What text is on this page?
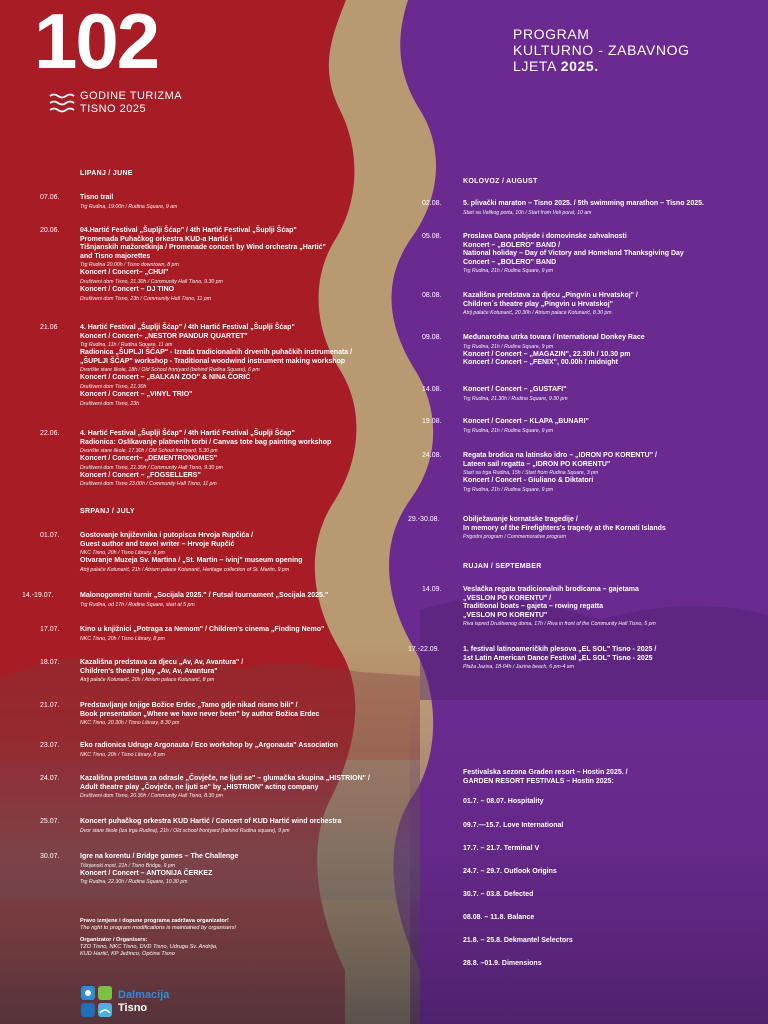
102
GODINE TURIZMA
TISNO 2025
PROGRAM
KULTURNO - ZABAVNOG
LJETA 2025.
LIPANJ / JUNE
SRPANJ / JULY
KOLOVOZ / AUGUST
RUJAN / SEPTEMBER
07.06.	Tisno trail
Trg Rudina, 19:00h / Rudina Square, 9 am
20.06.	04.Hartić Festival „Šuplji Šćap" / 4th Hartić Festival „Šuplji Šćap"
Promenada Puhačkog orkestra KUD-a Hartić i
Tišnjanskih mažoretkinja / Promenade concert by Wind orchestra „Hartić"
and Tisno majorettes
Trg Rudina 20.00h / Tisno downtown, 8 pm
Koncert / Concert– „CHUI"
Društveni dom Tisno, 21.30h / Community Hall Tisno, 9.30 pm
Koncert / Concert – DJ TINO
Društveni dom Tisno, 23h / Community Hall Tisno, 11 pm
21.06	4. Hartić Festival „Šuplji Šćap" / 4th Hartić Festival „Šuplji Šćap"
Koncert / Concert– „NESTOR PANDUR QUARTET"
Trg Rudina, 11h / Rudina Square, 11 am
Radionica „ŠUPLJI ŠĆAP" - Izrada tradicionalnih drvenih puhačkih instrumenata /
„ŠUPLJI ŠĆAP" workshop - Traditional woodwind instrument making workshop
Dvorište stare škole, 18h / Old School frontyard (behind Rudina Square), 6 pm
Koncert / Concert – „BALKAN ZOO" & NINA ČORIĆ
Društveni dom Tisno, 21.30h
Koncert / Concert – „VINYL TRIO"
Društveni dom Tisno, 23h
22.06.	4. Hartić Festival „Šuplji Šćap" / 4th Hartić Festival „Šuplji Šćap"
Radionica: Oslikavanje platnenih torbi / Canvas tote bag painting workshop
Dvorište stare škole, 17.30h / Old School frontyard, 5.30 pm
Koncert / Concert– „DEMENTRONOMES"
Društveni dom Tisno, 21.30h / Community Hall Tisno, 9.30 pm
Koncert / Concert – „FOGSELLERS"
Društveni dom Tisno 23.00h / Community Hall Tisno, 11 pm
01.07.	Gostovanje književnika i putopisca Hrvoja Rupčića /
Guest author and travel writer – Hrvoje Rupčić
NKC Tisno, 20h / Tisno Library, 8 pm
Otvaranje Muzeja Sv. Martina / „St. Martin – ivinj" museum opening
Atrij palače Kotunarić, 21h / Atrium palace Kotunarić, Heritage collection of St. Martin, 9 pm
14.-19.07.	Malonogometni turnir „Socijala 2025." / Futsal tournament „Socijala 2025."
Trg Rudina, od 17h / Rudina Square, start at 5 pm
17.07.	Kino u knjižnici „Potraga za Nemom" / Children's cinema „Finding Nemo"
NKC Tisno, 20h / Tisno Library, 8 pm
18.07.	Kazališna predstava za djecu „Av, Av, Avantura" /
Children's theatre play „Av, Av, Avantura"
Atrij palače Kotunarić, 20h / Atrium palace Kotunarić, 8 pm
21.07.	Predstavljanje knjige Božice Erdec „Tamo gdje nikad nismo bili" /
Book presentation „Where we have never been" by author Božica Erdec
NKC Tisno, 20.30h / Tisno Library, 8.30 pm
23.07.	Eko radionica Udruge Argonauta / Eco workshop by „Argonauta" Association
NKC Tisno, 20h / Tisno Library, 8 pm
24.07.	Kazališna predstava za odrasle „Čovječe, ne ljuti se" – glumačka skupina „HISTRION" /
Adult theatre play „Čovječe, ne ljuti se" by „HISTRION" acting company
Društveni dom Tisno, 20.30h / Community Hall Tisno, 8.30 pm
25.07.	Koncert puhačkog orkestra KUD Hartić / Concert of KUD Hartić wind orchestra
Dvor stare škole (iza trga Rudina), 21h / Old school frontyard (behind Rudina square), 9 pm
30.07.	Igre na korentu / Bridge games – The Challenge
Tišnjanski most, 21h / Tisno Bridge, 9 pm
Koncert / Concert – ANTONIJA ČERKEZ
Trg Rudina, 22.30h / Rudina Square, 10.30 pm
02.08.	5. plivački maraton – Tisno 2025. / 5th swimming marathon – Tisno 2025.
Start sa Velikog porta, 10h / Start from Veli porat, 10 am
05.08.	Proslava Dana pobjede i domovinske zahvalnosti
Koncert – „BOLERO" BAND /
National holiday – Day of Victory and Homeland Thanksgiving Day
Concert – „BOLERO" BAND
Trg Rudina, 21h / Rudina Square, 9 pm
08.08.	Kazališna predstava za djecu „Pingvin u Hrvatskoj" /
Children´s theatre play „Pingvin u Hrvatskoj"
Atrij palače Kotunarić, 20.30h / Atrium palace Kotunarić, 8.30 pm
09.08.	Međunarodna utrka tovara / International Donkey Race
Trg Rudina, 21h / Rudina Square, 9 pm
Koncert / Concert – „MAGAZIN", 22.30h / 10.30 pm
Koncert / Concert – „FENIX", 00.00h / midnight
14.08.	Koncert / Concert – „GUSTAFI"
Trg Rudina, 21.30h / Rudina Square, 9.30 pm
19.08.	Koncert / Concert – KLAPA „BUNARI"
Trg Rudina, 21h / Rudina Square, 9 pm
24.08.	Regata brodica na latinsko idro – „IDRON PO KORENTU" /
Lateen sail regatta – „IDRON PO KORENTU"
Start sa trga Rudina, 15h / Start from Rudina Square, 3 pm
Koncert / Concert - Giuliano & Diktatori
Trg Rudina, 21h / Rudina Square, 9 pm
29.-30.08.	Obilježavanje kornatske tragedije /
In memory of the Firefighters's tragedy at the Kornati Islands
Prigodni program / Commemorative program
14.09.	Veslačka regata tradicionalnih brodicama – gajetama
„VESLON PO KORENTU" /
Traditional boats – gajeta – rowing regatta
„VESLON PO KORENTU"
Riva ispred Društvenog doma, 17h / Riva in front of the Community Hall Tisno, 5 pm
17.-22.09.	1. festival latinoameričkih plesova „EL SOL" Tisno - 2025 /
1st Latin American Dance Festival „EL SOL" Tisno - 2025
Plaža Jazina, 18-04h / Jazina beach, 6 pm-4 am
Festivalska sezona Graden resort – Hostin 2025. /
GARDEN RESORT FESTIVALS – Hostin 2025:
01.7. – 08.07. Hospitality
09.7.—15.7. Love International
17.7. – 21.7. Terminal V
24.7. – 29.7. Outlook Origins
30.7. – 03.8. Defected
08.08. – 11.8. Balance
21.8. – 25.8. Dekmantel Selectors
28.8. –01.9. Dimensions
Pravo izmjene i dopune programa zadržava organizator!
The right to program modifications is maintained by organisers!
Organizator / Organisers:
TZO Tisno, NKC Tisno, DVD Tisno, Udruga Sv. Andrija,
KUD Hartić, KP Ježinco, Općina Tisno
Dalmacija
Tisno
